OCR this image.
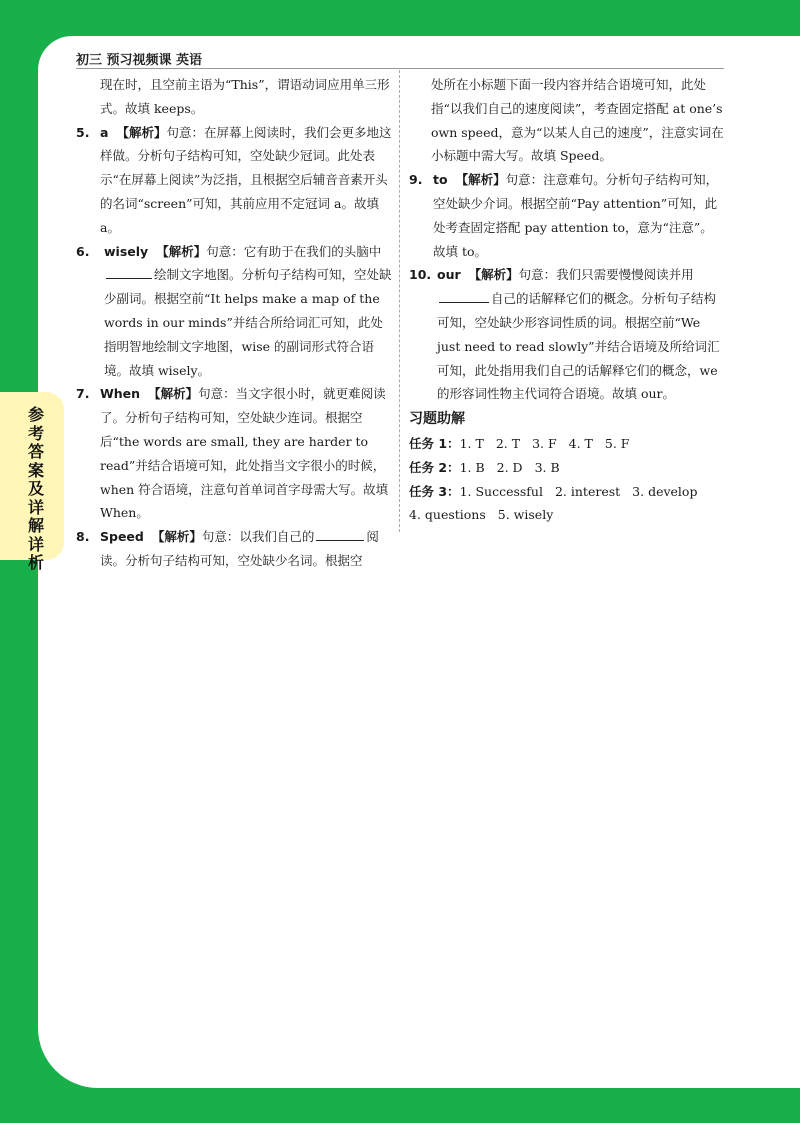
初三 预习视频课 英语
参考答案及详解详析
现在时，且空前主语为“This”，谓语动词应用单三形式。故填 keeps。
5. a 【解析】句意：在屏幕上阅读时，我们会更多地这样做。分析句子结构可知，空处缺少冠词。此处表示“在屏幕上阅读”为泛指，且根据空后辅音音素开头的名词“screen”可知，其前应用不定冠词 a。故填 a。
6. wisely 【解析】句意：它有助于在我们的头脑中绘制文字地图。分析句子结构可知，空处缺少副词。根据空前“It helps make a map of the words in our minds”并结合所给词汇可知，此处指明智地绘制文字地图，wise 的副词形式符合语境。故填 wisely。
7. When 【解析】句意：当文字很小时，就更难阅读了。分析句子结构可知，空处缺少连词。根据空后“the words are small, they are harder to read”并结合语境可知，此处指当文字很小的时候，when 符合语境，注意句首单词首字母需大写。故填 When。
8. Speed 【解析】句意：以我们自己的	阅读。分析句子结构可知，空处缺少名词。根据空
处所在小标题下面一段内容并结合语境可知，此处指“以我们自己的速度阅读”，考查固定搭配 at one’s own speed，意为“以某人自己的速度”，注意实词在小标题中需大写。故填 Speed。
9. to 【解析】句意：注意难句。分析句子结构可知，空处缺少介词。根据空前“Pay attention”可知，此处考查固定搭配 pay attention to，意为“注意”。故填 to。
10. our 【解析】句意：我们只需要慢慢阅读并用自己的话解释它们的概念。分析句子结构可知，空处缺少形容词性质的词。根据空前“We just need to read slowly”并结合语境及所给词汇可知，此处指用我们自己的话解释它们的概念，we 的形容词性物主代词符合语境。故填 our。
习题助解
任务 1：1. T 2. T 3. F 4. T 5. F
任务 2：1. B 2. D 3. B
任务 3：1. Successful 2. interest 3. develop
4. questions 5. wisely
